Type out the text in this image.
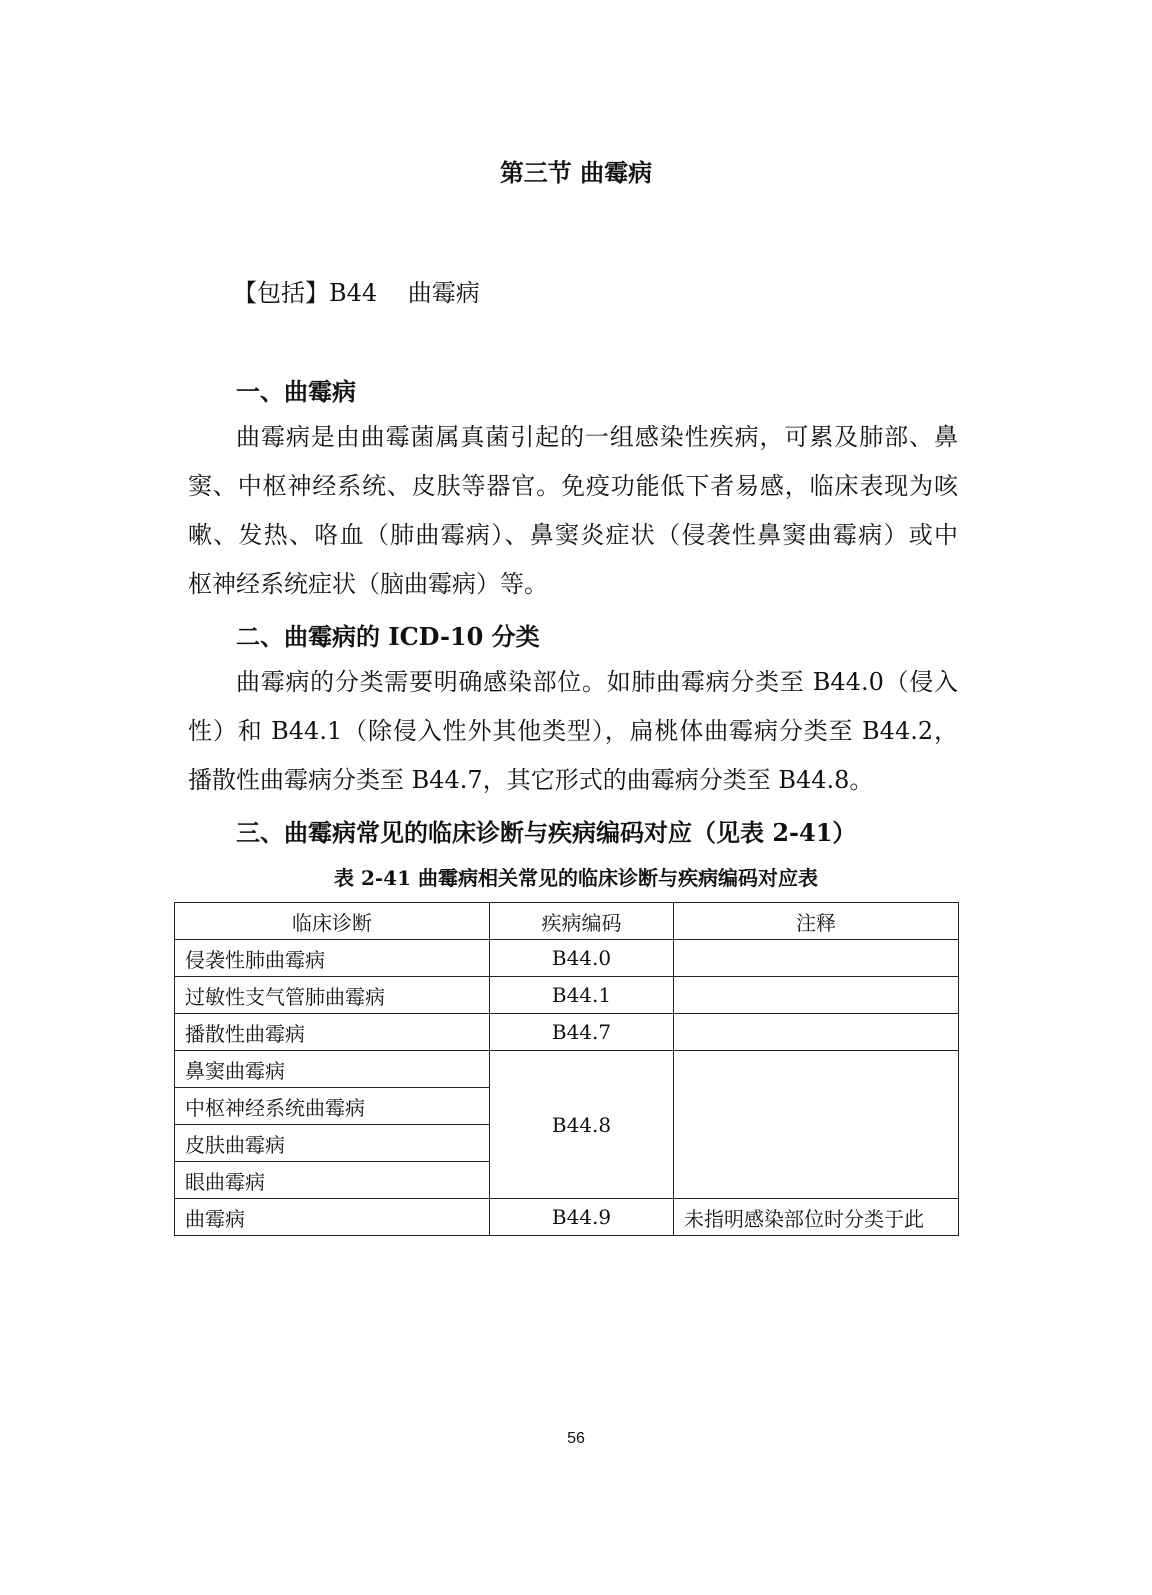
第三节 曲霉病
【包括】B44    曲霉病
一、曲霉病
曲霉病是由曲霉菌属真菌引起的一组感染性疾病，可累及肺部、鼻
窦、中枢神经系统、皮肤等器官。免疫功能低下者易感，临床表现为咳
嗽、发热、咯血（肺曲霉病）、鼻窦炎症状（侵袭性鼻窦曲霉病）或中
枢神经系统症状（脑曲霉病）等。
二、曲霉病的 ICD-10 分类
曲霉病的分类需要明确感染部位。如肺曲霉病分类至 B44.0（侵入
性）和 B44.1（除侵入性外其他类型），扁桃体曲霉病分类至 B44.2，
播散性曲霉病分类至 B44.7，其它形式的曲霉病分类至 B44.8。
三、曲霉病常见的临床诊断与疾病编码对应（见表 2-41）
表 2-41 曲霉病相关常见的临床诊断与疾病编码对应表
临床诊断	疾病编码	注释
侵袭性肺曲霉病	B44.0	
过敏性支气管肺曲霉病	B44.1	
播散性曲霉病	B44.7	
鼻窦曲霉病	B44.8	
中枢神经系统曲霉病		
皮肤曲霉病		
眼曲霉病		
曲霉病	B44.9	未指明感染部位时分类于此
56
